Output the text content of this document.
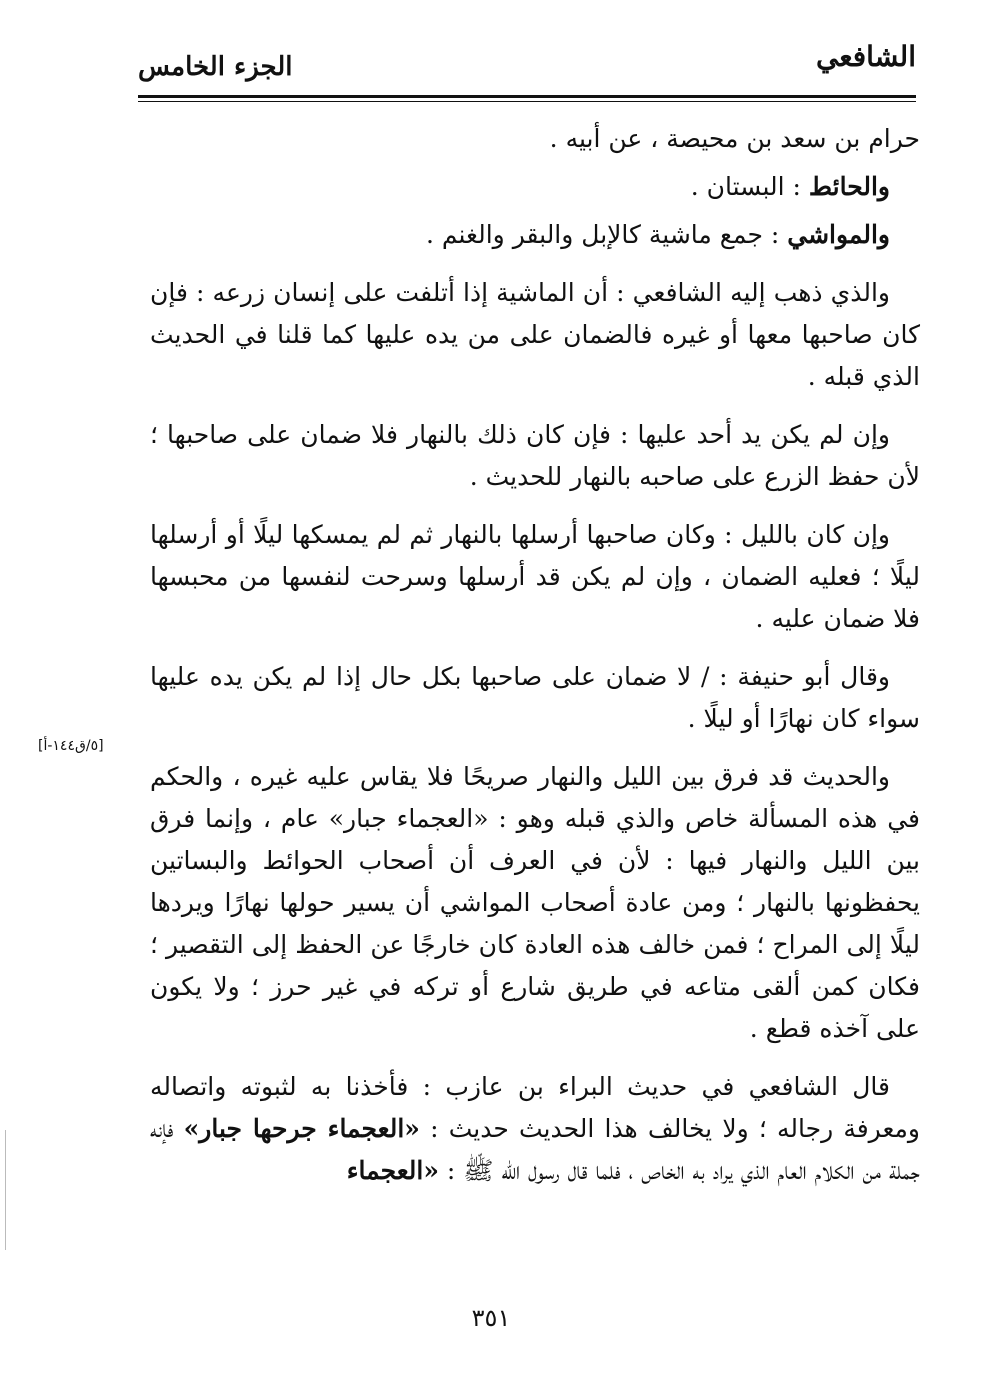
الشافعي
الجزء الخامس

حرام بن سعد بن محيصة ، عن أبيه .

والحائط : البستان .

والمواشي : جمع ماشية كالإبل والبقر والغنم .

والذي ذهب إليه الشافعي : أن الماشية إذا أتلفت على إنسان زرعه : فإن كان صاحبها معها أو غيره فالضمان على من يده عليها كما قلنا في الحديث الذي قبله .

وإن لم يكن يد أحد عليها : فإن كان ذلك بالنهار فلا ضمان على صاحبها ؛ لأن حفظ الزرع على صاحبه بالنهار للحديث .

وإن كان بالليل : وكان صاحبها أرسلها بالنهار ثم لم يمسكها ليلًا أو أرسلها ليلًا ؛ فعليه الضمان ، وإن لم يكن قد أرسلها وسرحت لنفسها من محبسها فلا ضمان عليه .

وقال أبو حنيفة : / لا ضمان على صاحبها بكل حال إذا لم يكن يده عليها سواء كان نهارًا أو ليلًا .

والحديث قد فرق بين الليل والنهار صريحًا فلا يقاس عليه غيره ، والحكم في هذه المسألة خاص والذي قبله وهو : «العجماء جبار» عام ، وإنما فرق بين الليل والنهار فيها : لأن في العرف أن أصحاب الحوائط والبساتين يحفظونها بالنهار ؛ ومن عادة أصحاب المواشي أن يسير حولها نهارًا ويردها ليلًا إلى المراح ؛ فمن خالف هذه العادة كان خارجًا عن الحفظ إلى التقصير ؛ فكان كمن ألقى متاعه في طريق شارع أو تركه في غير حرز ؛ ولا يكون على آخذه قطع .

قال الشافعي في حديث البراء بن عازب : فأخذنا به لثبوته واتصاله ومعرفة رجاله ؛ ولا يخالف هذا الحديث حديث : «العجماء جرحها جبار» فإنه جملة من الكلام العام الذي يراد به الخاص ، فلما قال رسول الله ﷺ : «العجماء

[٥/ق١٤٤-أ]
٣٥١
